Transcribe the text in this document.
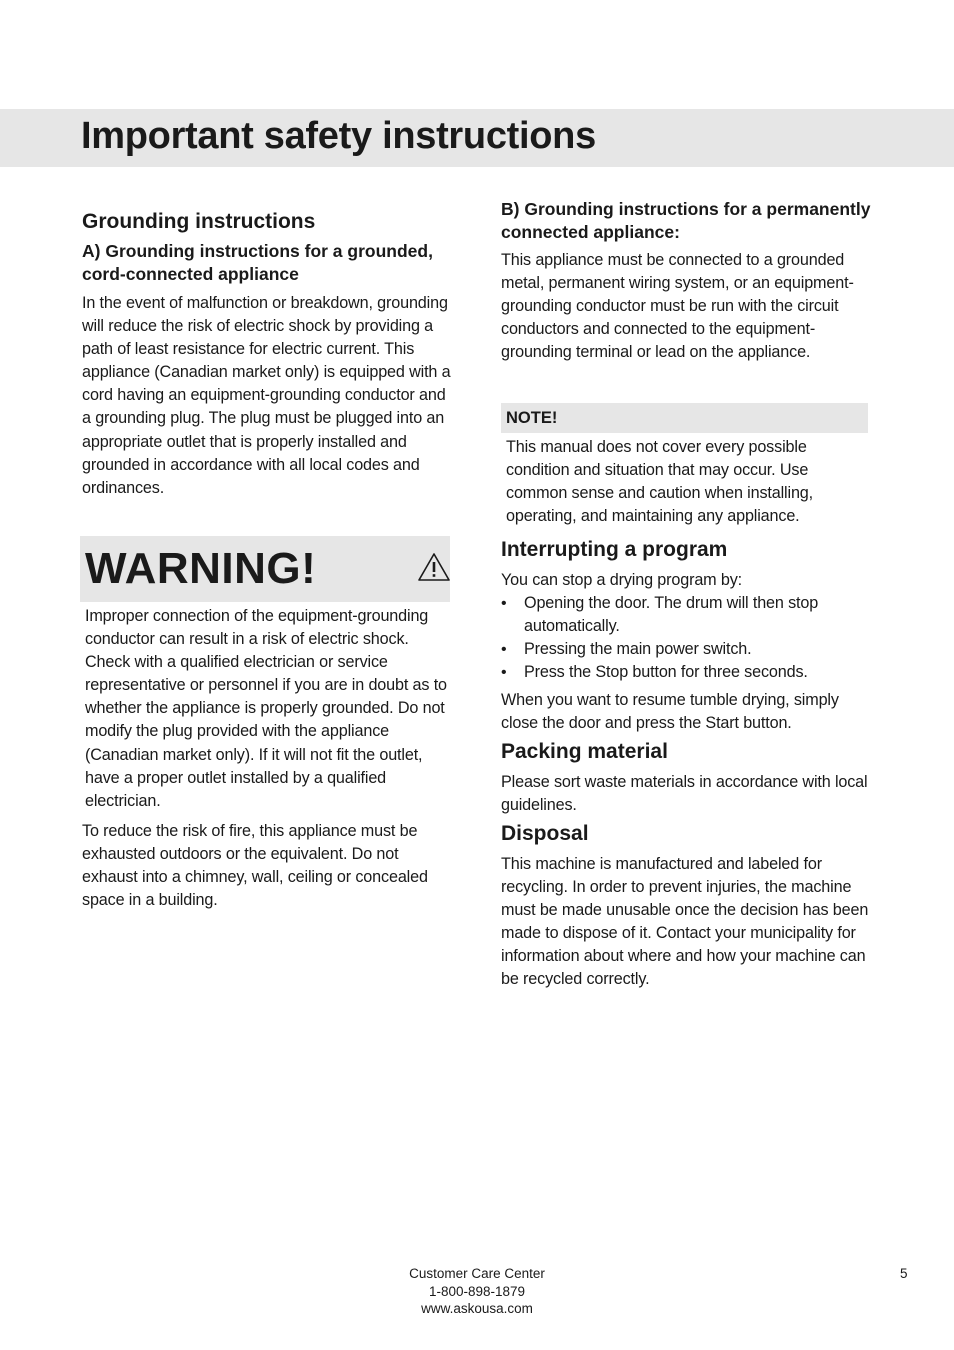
Important safety instructions
Grounding instructions
A) Grounding instructions for a grounded, cord-connected appliance

In the event of malfunction or breakdown, grounding will reduce the risk of electric shock by providing a path of least resistance for electric current. This appliance (Canadian market only) is equipped with a cord having an equipment-grounding conductor and a grounding plug. The plug must be plugged into an appropriate outlet that is properly installed and grounded in accordance with all local codes and ordinances.

WARNING!

Improper connection of the equipment-grounding conductor can result in a risk of electric shock. Check with a qualified electrician or service representative or personnel if you are in doubt as to whether the appliance is properly grounded. Do not modify the plug provided with the appliance (Canadian market only). If it will not fit the outlet, have a proper outlet installed by a qualified electrician.

To reduce the risk of fire, this appliance must be exhausted outdoors or the equivalent. Do not exhaust into a chimney, wall, ceiling or concealed space in a building.

B) Grounding instructions for a permanently connected appliance:

This appliance must be connected to a grounded metal, permanent wiring system, or an equipment-grounding conductor must be run with the circuit conductors and connected to the equipment-grounding terminal or lead on the appliance.

NOTE!

This manual does not cover every possible condition and situation that may occur. Use common sense and caution when installing, operating, and maintaining any appliance.

Interrupting a program

You can stop a drying program by:

• Opening the door. The drum will then stop automatically.
• Pressing the main power switch.
• Press the Stop button for three seconds.

When you want to resume tumble drying, simply close the door and press the Start button.

Packing material

Please sort waste materials in accordance with local guidelines.

Disposal

This machine is manufactured and labeled for recycling. In order to prevent injuries, the machine must be made unusable once the decision has been made to dispose of it. Contact your municipality for information about where and how your machine can be recycled correctly.

Customer Care Center
1-800-898-1879
www.askousa.com
5
